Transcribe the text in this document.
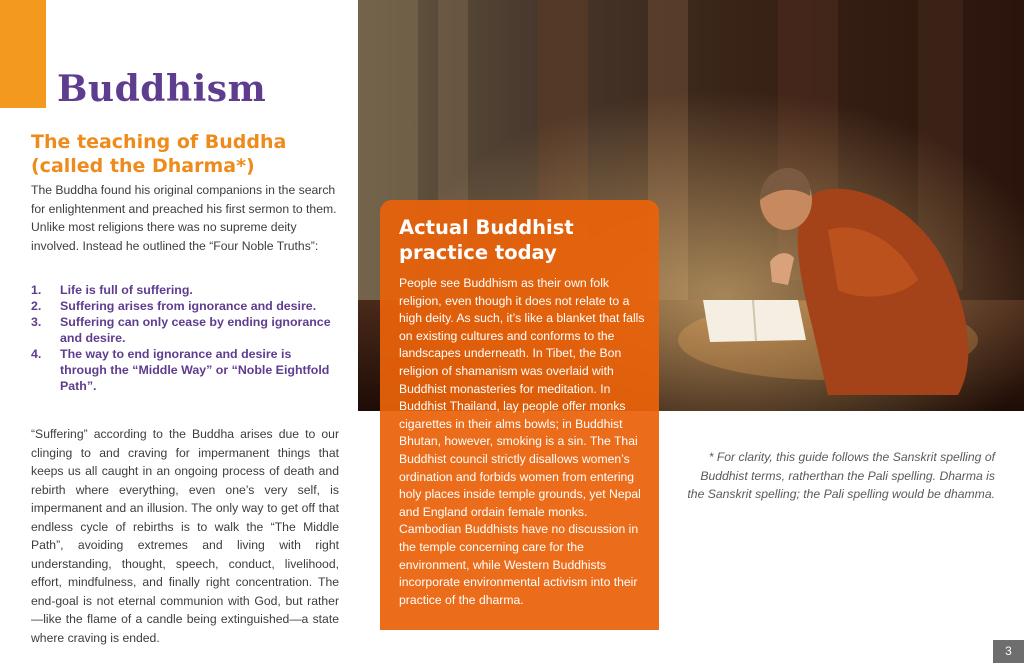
Buddhism
The teaching of Buddha (called the Dharma*)
The Buddha found his original companions in the search for enlightenment and preached his first sermon to them. Unlike most religions there was no supreme deity involved. Instead he outlined the “Four Noble Truths”:
1. Life is full of suffering.
2. Suffering arises from ignorance and desire.
3. Suffering can only cease by ending ignorance and desire.
4. The way to end ignorance and desire is through the “Middle Way” or “Noble Eightfold Path”.
“Suffering” according to the Buddha arises due to our clinging to and craving for impermanent things that keeps us all caught in an ongoing process of death and rebirth where everything, even one’s very self, is impermanent and an illusion. The only way to get off that endless cycle of rebirths is to walk the “The Middle Path”, avoiding extremes and living with right understanding, thought, speech, conduct, livelihood, effort, mindfulness, and finally right concentration. The end-goal is not eternal communion with God, but rather—like the flame of a candle being extinguished—a state where craving is ended.
Actual Buddhist practice today
People see Buddhism as their own folk religion, even though it does not relate to a high deity. As such, it’s like a blanket that falls on existing cultures and conforms to the landscapes underneath. In Tibet, the Bon religion of shamanism was overlaid with Buddhist monasteries for meditation. In Buddhist Thailand, lay people offer monks cigarettes in their alms bowls; in Buddhist Bhutan, however, smoking is a sin. The Thai Buddhist council strictly disallows women’s ordination and forbids women from entering holy places inside temple grounds, yet Nepal and England ordain female monks. Cambodian Buddhists have no discussion in the temple concerning care for the environment, while Western Buddhists incorporate environmental activism into their practice of the dharma.
* For clarity, this guide follows the Sanskrit spelling of Buddhist terms, ratherthan the Pali spelling. Dharma is the Sanskrit spelling; the Pali spelling would be dhamma.
3
